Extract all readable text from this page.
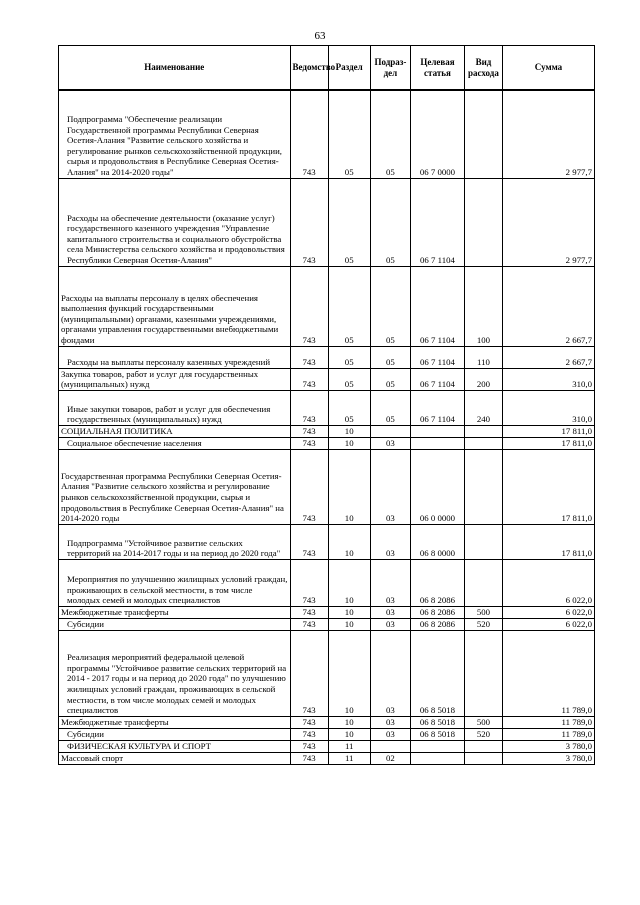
63
Наименование	Ведомство	Раздел	Подраз-дел	Целевая статья	Вид расхода	Сумма
Подпрограмма "Обеспечение реализации Государственной программы Республики Северная Осетия-Алания "Развитие сельского хозяйства и регулирование рынков сельскохозяйственной продукции, сырья и продовольствия в Республике Северная Осетия-Алания" на 2014-2020 годы"	743	05	05	06 7 0000		2 977,7
Расходы на обеспечение деятельности (оказание услуг) государственного казенного учреждения "Управление капитального строительства и социального обустройства села Министерства сельского хозяйства и продовольствия Республики Северная Осетия-Алания"	743	05	05	06 7 1104		2 977,7
Расходы на выплаты персоналу в целях обеспечения выполнения функций государственными (муниципальными) органами, казенными учреждениями, органами управления государственными внебюджетными фондами	743	05	05	06 7 1104	100	2 667,7
Расходы на выплаты персоналу казенных учреждений	743	05	05	06 7 1104	110	2 667,7
Закупка товаров, работ и услуг для государственных (муниципальных) нужд	743	05	05	06 7 1104	200	310,0
Иные закупки товаров, работ и услуг для обеспечения государственных (муниципальных) нужд	743	05	05	06 7 1104	240	310,0
СОЦИАЛЬНАЯ ПОЛИТИКА	743	10				17 811,0
Социальное обеспечение населения	743	10	03			17 811,0
Государственная программа Республики Северная Осетия-Алания "Развитие сельского хозяйства и регулирование рынков сельскохозяйственной продукции, сырья и продовольствия в Республике Северная Осетия-Алания" на 2014-2020 годы	743	10	03	06 0 0000		17 811,0
Подпрограмма "Устойчивое развитие сельских территорий на 2014-2017 годы и на период до 2020 года"	743	10	03	06 8 0000		17 811,0
Мероприятия по улучшению жилищных условий граждан, проживающих в сельской местности, в том числе молодых семей и молодых специалистов	743	10	03	06 8 2086		6 022,0
Межбюджетные трансферты	743	10	03	06 8 2086	500	6 022,0
Субсидии	743	10	03	06 8 2086	520	6 022,0
Реализация мероприятий федеральной целевой программы "Устойчивое развитие сельских территорий на 2014 - 2017 годы и на период до 2020 года" по улучшению жилищных условий граждан, проживающих в сельской местности, в том числе молодых семей и молодых специалистов	743	10	03	06 8 5018		11 789,0
Межбюджетные трансферты	743	10	03	06 8 5018	500	11 789,0
Субсидии	743	10	03	06 8 5018	520	11 789,0
ФИЗИЧЕСКАЯ КУЛЬТУРА И СПОРТ	743	11				3 780,0
Массовый спорт	743	11	02			3 780,0
